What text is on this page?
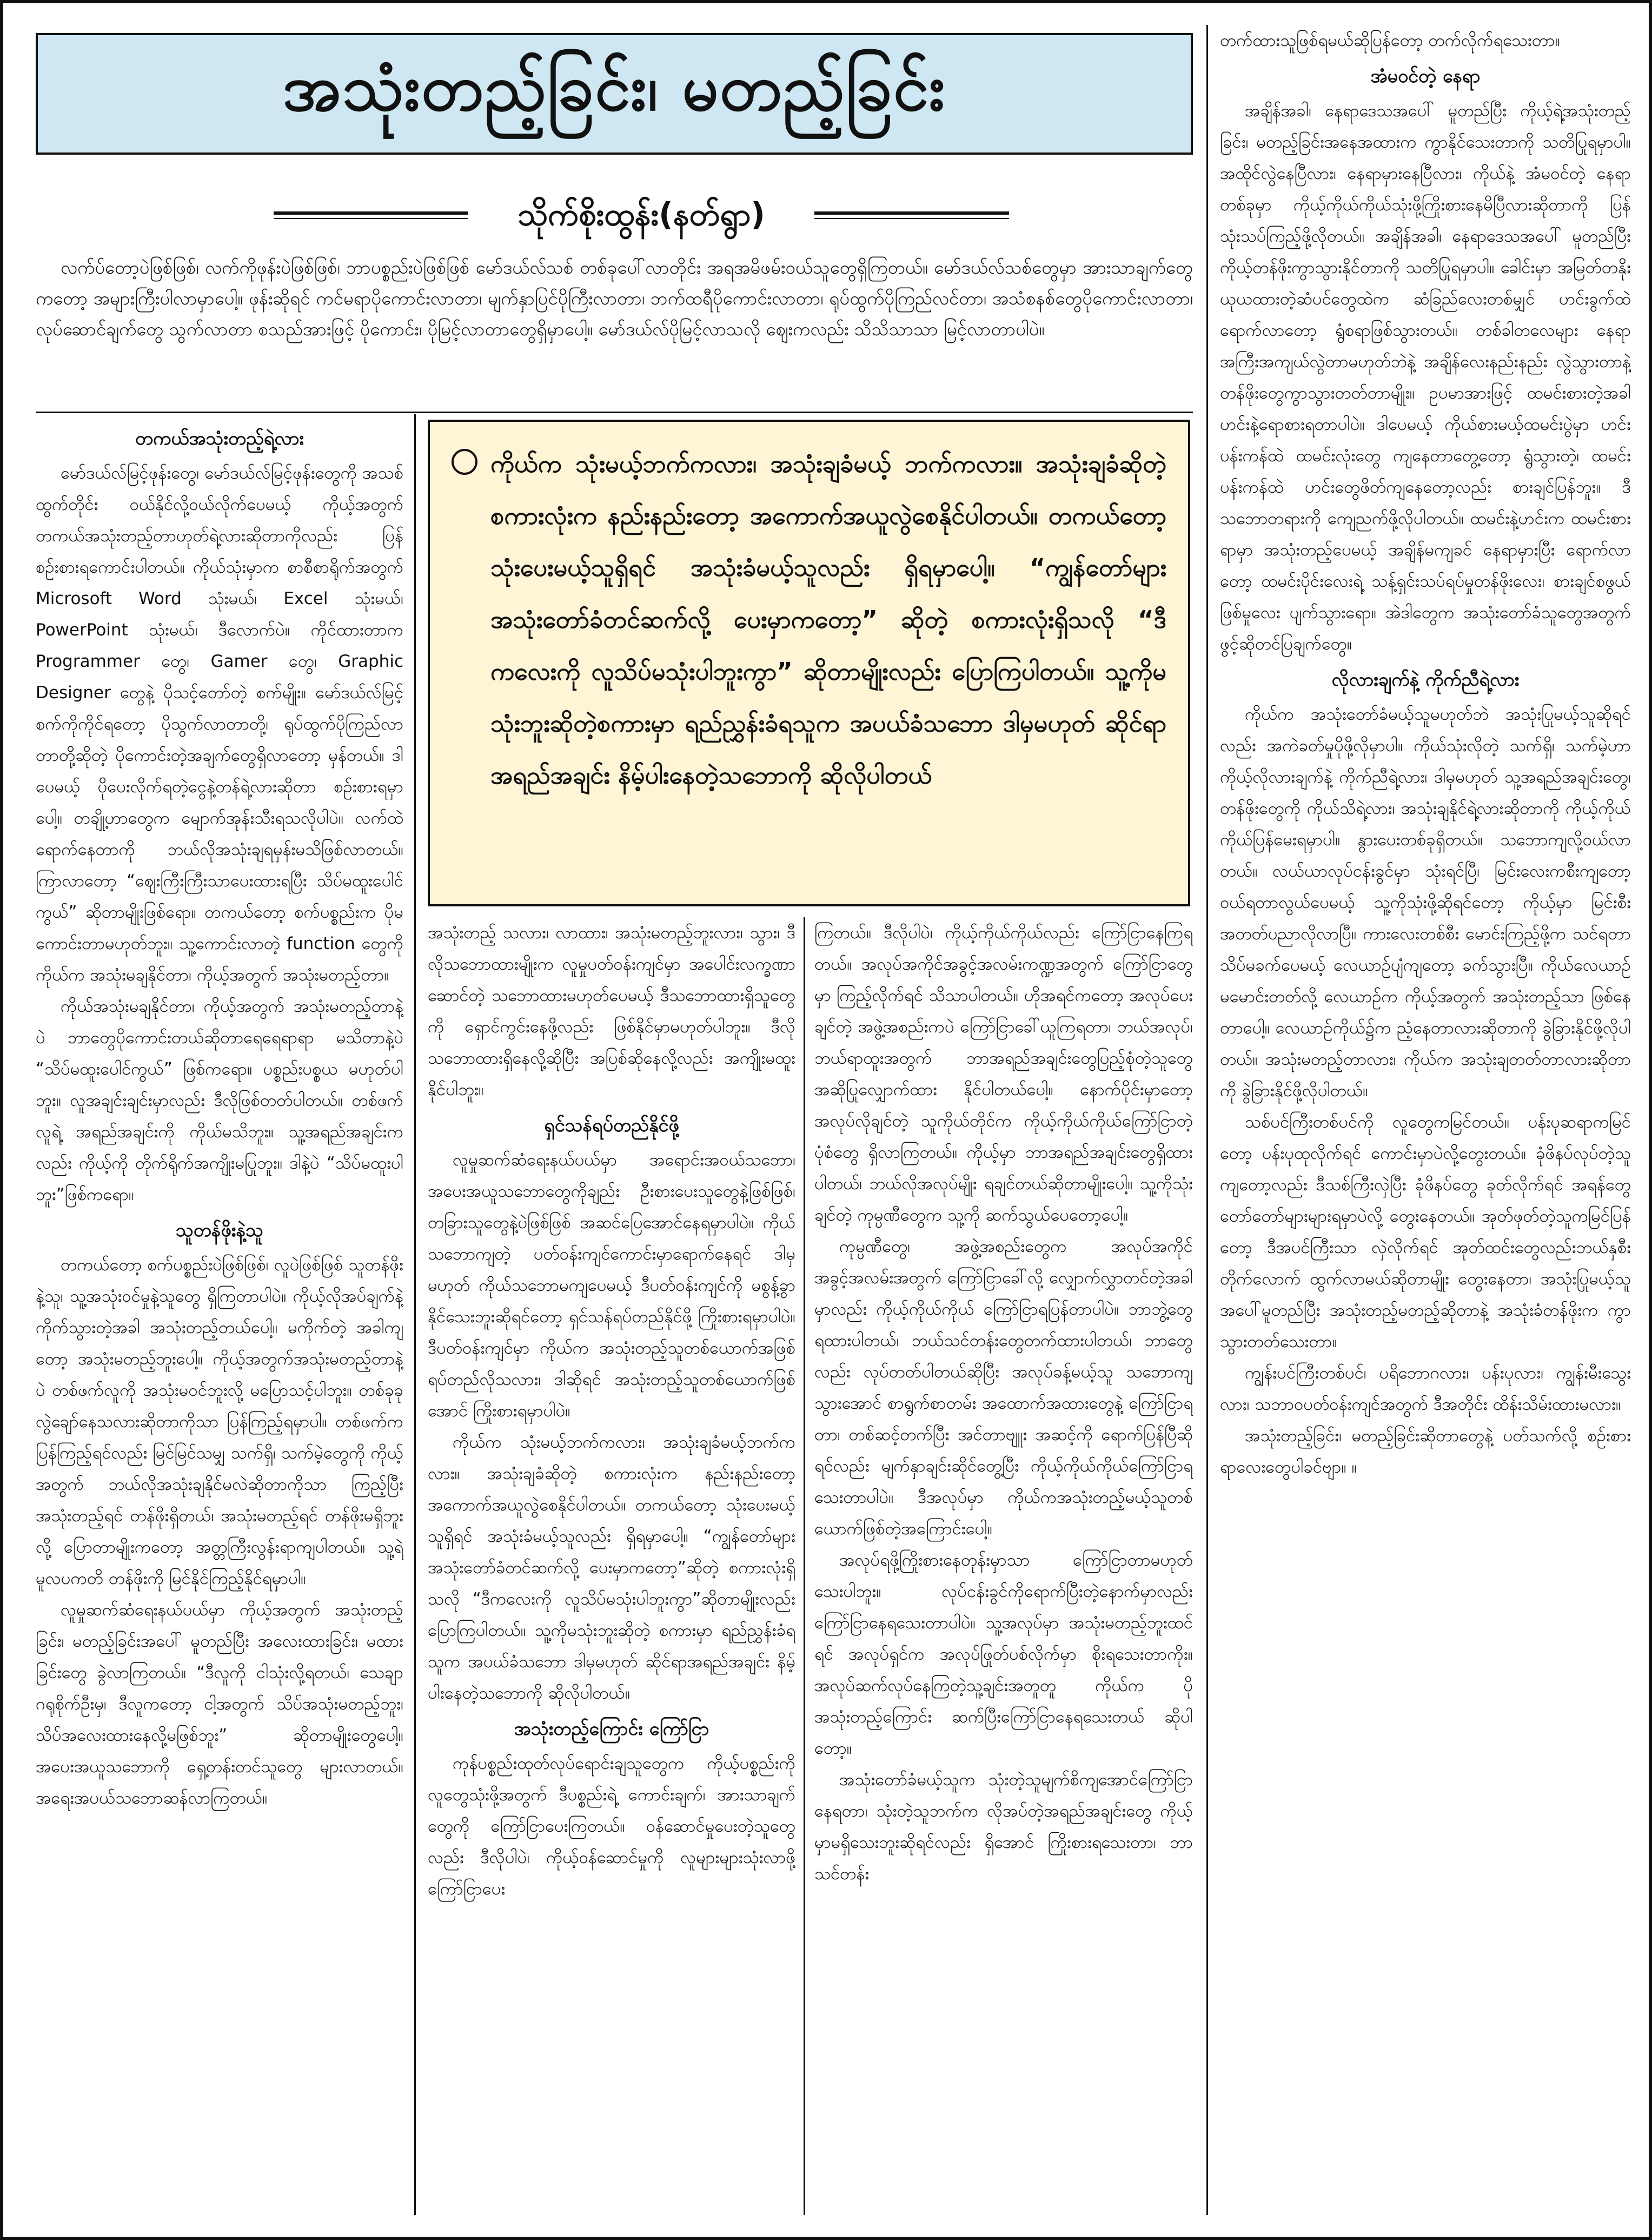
အသုံးတည့်ခြင်း၊ မတည့်ခြင်း
သိုက်စိုးထွန်း(နတ်ရွာ)

လက်ပ်တော့ပဲဖြစ်ဖြစ်၊ လက်ကိုဖုန်းပဲဖြစ်ဖြစ်၊ ဘာပစ္စည်းပဲဖြစ်ဖြစ် မော်ဒယ်လ်သစ် တစ်ခုပေါ်လာတိုင်း အရအမိဖမ်းဝယ်သူတွေရှိကြတယ်။ မော်ဒယ်လ်သစ်တွေမှာ အားသာချက်တွေကတော့ အများကြီးပါလာမှာပေါ့။ ဖုန်းဆိုရင် ကင်မရာပိုကောင်းလာတာ၊ မျက်နှာပြင်ပိုကြီးလာတာ၊ ဘက်ထရီပိုကောင်းလာတာ၊ ရုပ်ထွက်ပိုကြည်လင်တာ၊ အသံစနစ်တွေပိုကောင်းလာတာ၊ လုပ်ဆောင်ချက်တွေ သွက်လာတာ စသည်အားဖြင့် ပိုကောင်း၊ ပိုမြင့်လာတာတွေရှိမှာပေါ့။ မော်ဒယ်လ်ပိုမြင့်လာသလို ဈေးကလည်း သိသိသာသာ မြင့်လာတာပါပဲ။

တကယ်အသုံးတည့်ရဲ့လား

မော်ဒယ်လ်မြင့်ဖုန်းတွေ၊ မော်ဒယ်လ်မြင့်ဖုန်းတွေကို အသစ်ထွက်တိုင်း ဝယ်နိုင်လို့ဝယ်လိုက်ပေမယ့် ကိုယ့်အတွက် တကယ်အသုံးတည့်တာဟုတ်ရဲ့လားဆိုတာကိုလည်း ပြန်စဉ်းစားရကောင်းပါတယ်။ ကိုယ်သုံးမှာက စာစီစာရိုက်အတွက် Microsoft Word သုံးမယ်၊ Excel သုံးမယ်၊ PowerPoint သုံးမယ်၊ ဒီလောက်ပဲ။ ကိုင်ထားတာက Programmer တွေ၊ Gamer တွေ၊ Graphic Designer တွေနဲ့ ပိုသင့်တော်တဲ့ စက်မျိုး။ မော်ဒယ်လ်မြင့် စက်ကိုကိုင်ရတော့ ပိုသွက်လာတာတို့၊ ရုပ်ထွက်ပိုကြည်လာတာတို့ဆိုတဲ့ ပိုကောင်းတဲ့အချက်တွေရှိလာတော့ မှန်တယ်။ ဒါပေမယ့် ပိုပေးလိုက်ရတဲ့ငွေနဲ့တန်ရဲ့လားဆိုတာ စဉ်းစားရမှာပေါ့။ တချို့ဟာတွေက မျောက်အုန်းသီးရသလိုပါပဲ။ လက်ထဲရောက်နေတာကို ဘယ်လိုအသုံးချရမှန်းမသိဖြစ်လာတယ်။ ကြာလာတော့ “ဈေးကြီးကြီးသာပေးထားရပြီး သိပ်မထူးပေါင်ကွယ်” ဆိုတာမျိုးဖြစ်ရော။ တကယ်တော့ စက်ပစ္စည်းက ပိုမကောင်းတာမဟုတ်ဘူး။ သူ့ကောင်းလာတဲ့ function တွေကို ကိုယ်က အသုံးမချနိုင်တာ၊ ကိုယ့်အတွက် အသုံးမတည့်တာ။

ကိုယ်အသုံးမချနိုင်တာ၊ ကိုယ့်အတွက် အသုံးမတည့်တာနဲ့ပဲ ဘာတွေပိုကောင်းတယ်ဆိုတာရေရေရာရာ မသိတာနဲ့ပဲ “သိပ်မထူးပေါင်ကွယ်” ဖြစ်ကရော။ ပစ္စည်းပစ္စယ မဟုတ်ပါဘူး။ လူအချင်းချင်းမှာလည်း ဒီလိုဖြစ်တတ်ပါတယ်။ တစ်ဖက်လူရဲ့ အရည်အချင်းကို ကိုယ်မသိဘူး။ သူ့အရည်အချင်းကလည်း ကိုယ့်ကို တိုက်ရိုက်အကျိုးမပြုဘူး။ ဒါနဲ့ပဲ “သိပ်မထူးပါဘူး”ဖြစ်ကရော။

သူတန်ဖိုးနဲ့သူ

တကယ်တော့ စက်ပစ္စည်းပဲဖြစ်ဖြစ်၊ လူပဲဖြစ်ဖြစ် သူတန်ဖိုးနဲ့သူ၊ သူ့အသုံးဝင်မှုနဲ့သူတွေ ရှိကြတာပါပဲ။ ကိုယ့်လိုအပ်ချက်နဲ့ ကိုက်သွားတဲ့အခါ အသုံးတည့်တယ်ပေါ့။ မကိုက်တဲ့ အခါကျတော့ အသုံးမတည့်ဘူးပေါ့။ ကိုယ့်အတွက်အသုံးမတည့်တာနဲ့ပဲ တစ်ဖက်လူကို အသုံးမဝင်ဘူးလို့ မပြောသင့်ပါဘူး။ တစ်ခုခုလွဲချော်နေသလားဆိုတာကိုသာ ပြန်ကြည့်ရမှာပါ။ တစ်ဖက်ကပြန်ကြည့်ရင်လည်း မြင်မြင်သမျှ သက်ရှိ၊ သက်မဲ့တွေကို ကိုယ့်အတွက် ဘယ်လိုအသုံးချနိုင်မလဲဆိုတာကိုသာ ကြည့်ပြီး အသုံးတည့်ရင် တန်ဖိုးရှိတယ်၊ အသုံးမတည့်ရင် တန်ဖိုးမရှိဘူးလို့ ပြောတာမျိုးကတော့ အတ္တကြီးလွန်းရာကျပါတယ်။ သူ့ရဲ့မူလပကတိ တန်ဖိုးကို မြင်နိုင်ကြည့်နိုင်ရမှာပါ။

လူမှုဆက်ဆံရေးနယ်ပယ်မှာ ကိုယ့်အတွက် အသုံးတည့်ခြင်း၊ မတည့်ခြင်းအပေါ် မူတည်ပြီး အလေးထားခြင်း၊ မထားခြင်းတွေ ခွဲလာကြတယ်။ “ဒီလူကို ငါသုံးလို့ရတယ်၊ သေချာဂရုစိုက်ဦးမှ၊ ဒီလူကတော့ ငါ့အတွက် သိပ်အသုံးမတည့်ဘူး၊ သိပ်အလေးထားနေလို့မဖြစ်ဘူး” ဆိုတာမျိုးတွေပေါ့။ အပေးအယူသဘောကို ရှေ့တန်းတင်သူတွေ များလာတယ်။ အရေးအပယ်သဘောဆန်လာကြတယ်။

ကိုယ်က သုံးမယ့်ဘက်ကလား၊ အသုံးချခံမယ့် ဘက်ကလား။ အသုံးချခံဆိုတဲ့စကားလုံးက နည်းနည်းတော့ အကောက်အယူလွဲစေနိုင်ပါတယ်။ တကယ်တော့ သုံးပေးမယ့်သူရှိရင် အသုံးခံမယ့်သူလည်း ရှိရမှာပေါ့။ “ကျွန်တော်များ အသုံးတော်ခံတင်ဆက်လို့ ပေးမှာကတော့” ဆိုတဲ့ စကားလုံးရှိသလို “ဒီကလေးကို လူသိပ်မသုံးပါဘူးကွာ” ဆိုတာမျိုးလည်း ပြောကြပါတယ်။ သူ့ကိုမသုံးဘူးဆိုတဲ့စကားမှာ ရည်ညွှန်းခံရသူက အပယ်ခံသဘော ဒါမှမဟုတ် ဆိုင်ရာအရည်အချင်း နိမ့်ပါးနေတဲ့သဘောကို ဆိုလိုပါတယ်

အသုံးတည့် သလား၊ လာထား၊ အသုံးမတည့်ဘူးလား၊ သွား၊ ဒီလိုသဘောထားမျိုးက လူမှုပတ်ဝန်းကျင်မှာ အပေါင်းလက္ခဏာဆောင်တဲ့ သဘောထားမဟုတ်ပေမယ့် ဒီသဘောထားရှိသူတွေကို ရှောင်ကွင်းနေဖို့လည်း ဖြစ်နိုင်မှာမဟုတ်ပါဘူး။ ဒီလိုသဘောထားရှိနေလို့ဆိုပြီး အပြစ်ဆိုနေလို့လည်း အကျိုးမထူးနိုင်ပါဘူး။

ရှင်သန်ရပ်တည်နိုင်ဖို့

လူမှုဆက်ဆံရေးနယ်ပယ်မှာ အရောင်းအဝယ်သဘော၊ အပေးအယူသဘောတွေကိုချည်း ဦးစားပေးသူတွေနဲ့ဖြစ်ဖြစ်၊ တခြားသူတွေနဲ့ပဲဖြစ်ဖြစ် အဆင်ပြေအောင်နေရမှာပါပဲ။ ကိုယ်သဘောကျတဲ့ ပတ်ဝန်းကျင်ကောင်းမှာရောက်နေရင် ဒါမှမဟုတ် ကိုယ်သဘောမကျပေမယ့် ဒီပတ်ဝန်းကျင်ကို မစွန့်ခွာနိုင်သေးဘူးဆိုရင်တော့ ရှင်သန်ရပ်တည်နိုင်ဖို့ ကြိုးစားရမှာပါပဲ။ ဒီပတ်ဝန်းကျင်မှာ ကိုယ်က အသုံးတည့်သူတစ်ယောက်အဖြစ် ရပ်တည်လိုသလား၊ ဒါဆိုရင် အသုံးတည့်သူတစ်ယောက်ဖြစ်အောင် ကြိုးစားရမှာပါပဲ။

ကိုယ်က သုံးမယ့်ဘက်ကလား၊ အသုံးချခံမယ့်ဘက်ကလား။ အသုံးချခံဆိုတဲ့ စကားလုံးက နည်းနည်းတော့ အကောက်အယူလွဲစေနိုင်ပါတယ်။ တကယ်တော့ သုံးပေးမယ့်သူရှိရင် အသုံးခံမယ့်သူလည်း ရှိရမှာပေါ့။ “ကျွန်တော်များ အသုံးတော်ခံတင်ဆက်လို့ ပေးမှာကတော့”ဆိုတဲ့ စကားလုံးရှိသလို “ဒီကလေးကို လူသိပ်မသုံးပါဘူးကွာ”ဆိုတာမျိုးလည်း ပြောကြပါတယ်။ သူ့ကိုမသုံးဘူးဆိုတဲ့ စကားမှာ ရည်ညွှန်းခံရသူက အပယ်ခံသဘော ဒါမှမဟုတ် ဆိုင်ရာအရည်အချင်း နိမ့်ပါးနေတဲ့သဘောကို ဆိုလိုပါတယ်။

အသုံးတည့်ကြောင်း ကြော်ငြာ

ကုန်ပစ္စည်းထုတ်လုပ်ရောင်းချသူတွေက ကိုယ့်ပစ္စည်းကို လူတွေသုံးဖို့အတွက် ဒီပစ္စည်းရဲ့ ကောင်းချက်၊ အားသာချက်တွေကို ကြော်ငြာပေးကြတယ်။ ဝန်ဆောင်မှုပေးတဲ့သူတွေလည်း ဒီလိုပါပဲ၊ ကိုယ့်ဝန်ဆောင်မှုကို လူများများသုံးလာဖို့ ကြော်ငြာပေး

ကြတယ်။ ဒီလိုပါပဲ၊ ကိုယ့်ကိုယ်ကိုယ်လည်း ကြော်ငြာနေကြရတယ်။ အလုပ်အကိုင်အခွင့်အလမ်းကဏ္ဍအတွက် ကြော်ငြာတွေမှာ ကြည့်လိုက်ရင် သိသာပါတယ်။ ဟိုအရင်ကတော့ အလုပ်ပေးချင်တဲ့ အဖွဲ့အစည်းကပဲ ကြော်ငြာခေါ်ယူကြရတာ၊ ဘယ်အလုပ်၊ ဘယ်ရာထူးအတွက် ဘာအရည်အချင်းတွေပြည့်စုံတဲ့သူတွေ အဆိုပြုလျှောက်ထား နိုင်ပါတယ်ပေါ့။ နောက်ပိုင်းမှာတော့ အလုပ်လိုချင်တဲ့ သူကိုယ်တိုင်က ကိုယ့်ကိုယ်ကိုယ်ကြော်ငြာတဲ့ပုံစံတွေ ရှိလာကြတယ်။ ကိုယ့်မှာ ဘာအရည်အချင်းတွေရှိထားပါတယ်၊ ဘယ်လိုအလုပ်မျိုး ရချင်တယ်ဆိုတာမျိုးပေါ့။ သူ့ကိုသုံးချင်တဲ့ ကုမ္ပဏီတွေက သူ့ကို ဆက်သွယ်ပေတော့ပေါ့။

ကုမ္ပဏီတွေ၊ အဖွဲ့အစည်းတွေက အလုပ်အကိုင်အခွင့်အလမ်းအတွက် ကြော်ငြာခေါ်လို့ လျှောက်လွှာတင်တဲ့အခါမှာလည်း ကိုယ့်ကိုယ်ကိုယ် ကြော်ငြာရပြန်တာပါပဲ။ ဘာဘွဲ့တွေရထားပါတယ်၊ ဘယ်သင်တန်းတွေတက်ထားပါတယ်၊ ဘာတွေလည်း လုပ်တတ်ပါတယ်ဆိုပြီး အလုပ်ခန့်မယ့်သူ သဘောကျသွားအောင် စာရွက်စာတမ်း အထောက်အထားတွေနဲ့ ကြော်ငြာရတာ၊ တစ်ဆင့်တက်ပြီး အင်တာဗျူး အဆင့်ကို ရောက်ပြန်ပြီဆိုရင်လည်း မျက်နှာချင်းဆိုင်တွေ့ပြီး ကိုယ့်ကိုယ်ကိုယ်ကြော်ငြာရသေးတာပါပဲ။ ဒီအလုပ်မှာ ကိုယ်ကအသုံးတည့်မယ့်သူတစ်ယောက်ဖြစ်တဲ့အကြောင်းပေါ့။

အလုပ်ရဖို့ကြိုးစားနေတုန်းမှာသာ ကြော်ငြာတာမဟုတ်သေးပါဘူး။ လုပ်ငန်းခွင်ကိုရောက်ပြီးတဲ့နောက်မှာလည်း ကြော်ငြာနေရသေးတာပါပဲ။ သူ့အလုပ်မှာ အသုံးမတည့်ဘူးထင်ရင် အလုပ်ရှင်က အလုပ်ဖြုတ်ပစ်လိုက်မှာ စိုးရသေးတာကိုး။ အလုပ်ဆက်လုပ်နေကြတဲ့သူ့ချင်းအတူတူ ကိုယ်က ပိုအသုံးတည့်ကြောင်း ဆက်ပြီးကြော်ငြာနေရသေးတယ် ဆိုပါတော့။

အသုံးတော်ခံမယ့်သူက သုံးတဲ့သူမျက်စိကျအောင်ကြော်ငြာနေရတာ၊ သုံးတဲ့သူဘက်က လိုအပ်တဲ့အရည်အချင်းတွေ ကိုယ့်မှာမရှိသေးဘူးဆိုရင်လည်း ရှိအောင် ကြိုးစားရသေးတာ၊ ဘာသင်တန်း

တက်ထားသူဖြစ်ရမယ်ဆိုပြန်တော့ တက်လိုက်ရသေးတာ။

အံမဝင်တဲ့ နေရာ

အချိန်အခါ၊ နေရာဒေသအပေါ် မူတည်ပြီး ကိုယ့်ရဲ့အသုံးတည့်ခြင်း၊ မတည့်ခြင်းအနေအထားက ကွာနိုင်သေးတာကို သတိပြုရမှာပါ။ အထိုင်လွဲနေပြီလား၊ နေရာမှားနေပြီလား၊ ကိုယ်နဲ့ အံမဝင်တဲ့ နေရာတစ်ခုမှာ ကိုယ့်ကိုယ်ကိုယ်သုံးဖို့ကြိုးစားနေမိပြီလားဆိုတာကို ပြန်သုံးသပ်ကြည့်ဖို့လိုတယ်။ အချိန်အခါ၊ နေရာဒေသအပေါ် မူတည်ပြီး ကိုယ့်တန်ဖိုးကွာသွားနိုင်တာကို သတိပြုရမှာပါ။ ခေါင်းမှာ အမြတ်တနိုး ယုယထားတဲ့ဆံပင်တွေထဲက ဆံခြည်လေးတစ်မျှင် ဟင်းခွက်ထဲရောက်လာတော့ ရွံစရာဖြစ်သွားတယ်။ တစ်ခါတလေများ နေရာအကြီးအကျယ်လွဲတာမဟုတ်ဘဲနဲ့ အချိန်လေးနည်းနည်း လွဲသွားတာနဲ့ တန်ဖိုးတွေကွာသွားတတ်တာမျိုး။ ဥပမာအားဖြင့် ထမင်းစားတဲ့အခါ ဟင်းနဲ့ရောစားရတာပါပဲ။ ဒါပေမယ့် ကိုယ်စားမယ့်ထမင်းပွဲမှာ ဟင်းပန်းကန်ထဲ ထမင်းလုံးတွေ ကျနေတာတွေ့တော့ ရွံသွားတဲ့၊ ထမင်းပန်းကန်ထဲ ဟင်းတွေဖိတ်ကျနေတော့လည်း စားချင်ပြန်ဘူး။ ဒီသဘောတရားကို ကျေညက်ဖို့လိုပါတယ်။ ထမင်းနဲ့ဟင်းက ထမင်းစားရာမှာ အသုံးတည့်ပေမယ့် အချိန်မကျခင် နေရာမှားပြီး ရောက်လာတော့ ထမင်းပိုင်းလေးရဲ့ သန့်ရှင်းသပ်ရပ်မှုတန်ဖိုးလေး၊ စားချင်စဖွယ်ဖြစ်မှုလေး ပျက်သွားရော။ အဲဒါတွေက အသုံးတော်ခံသူတွေအတွက် ဖွင့်ဆိုတင်ပြချက်တွေ။

လိုလားချက်နဲ့ ကိုက်ညီရဲ့လား

ကိုယ်က အသုံးတော်ခံမယ့်သူမဟုတ်ဘဲ အသုံးပြုမယ့်သူဆိုရင်လည်း အကဲခတ်မှုပိုဖို့လိုမှာပါ။ ကိုယ်သုံးလိုတဲ့ သက်ရှိ၊ သက်မဲ့ဟာ ကိုယ့်လိုလားချက်နဲ့ ကိုက်ညီရဲ့လား၊ ဒါမှမဟုတ် သူ့အရည်အချင်းတွေ၊ တန်ဖိုးတွေကို ကိုယ်သိရဲ့လား၊ အသုံးချနိုင်ရဲ့လားဆိုတာကို ကိုယ့်ကိုယ်ကိုယ်ပြန်မေးရမှာပါ။ နွားပေးတစ်ခုရှိတယ်။ သဘောကျလို့ဝယ်လာတယ်။ လယ်ယာလုပ်ငန်းခွင်မှာ သုံးရင်ပြီ၊ မြင်းလေးကစီးကျတော့ ဝယ်ရတာလွယ်ပေမယ့် သူ့ကိုသုံးဖို့ဆိုရင်တော့ ကိုယ့်မှာ မြင်းစီးအတတ်ပညာလိုလာပြီ။ ကားလေးတစ်စီး မောင်းကြည့်ဖို့က သင်ရတာသိပ်မခက်ပေမယ့် လေယာဉ်ပျံကျတော့ ခက်သွားပြီ။ ကိုယ်လေယာဉ် မမောင်းတတ်လို့ လေယာဉ်က ကိုယ့်အတွက် အသုံးတည့်သာ ဖြစ်နေတာပေါ့။ လေယာဉ်ကိုယ်၌က ညံ့နေတာလားဆိုတာကို ခွဲခြားနိုင်ဖို့လိုပါတယ်။ အသုံးမတည့်တာလား၊ ကိုယ်က အသုံးချတတ်တာလားဆိုတာကို ခွဲခြားနိုင်ဖို့လိုပါတယ်။

သစ်ပင်ကြီးတစ်ပင်ကို လူတွေကမြင်တယ်။ ပန်းပုဆရာကမြင်တော့ ပန်းပုထုလိုက်ရင် ကောင်းမှာပဲလို့တွေးတယ်။ ခုံဖိနပ်လုပ်တဲ့သူကျတော့လည်း ဒီသစ်ကြီးလှဲပြီး ခုံဖိနပ်တွေ ခုတ်လိုက်ရင် အရန်တွေ တော်တော်များများရမှာပဲလို့ တွေးနေတယ်။ အုတ်ဖုတ်တဲ့သူကမြင်ပြန်တော့ ဒီအပင်ကြီးသာ လှဲလိုက်ရင် အုတ်ထင်းတွေလည်းဘယ်နှစီးတိုက်လောက် ထွက်လာမယ်ဆိုတာမျိုး တွေးနေတာ၊ အသုံးပြုမယ့်သူအပေါ်မူတည်ပြီး အသုံးတည့်မတည့်ဆိုတာနဲ့ အသုံးခံတန်ဖိုးက ကွာသွားတတ်သေးတာ။

ကျွန်းပင်ကြီးတစ်ပင်၊ ပရိဘောဂလား၊ ပန်းပုလား၊ ကျွန်းမီးသွေးလား၊ သဘာဝပတ်ဝန်းကျင်အတွက် ဒီအတိုင်း ထိန်းသိမ်းထားမလား။

အသုံးတည့်ခြင်း၊ မတည့်ခြင်းဆိုတာတွေနဲ့ ပတ်သက်လို့ စဉ်းစားရာလေးတွေပါခင်ဗျာ။ ။
